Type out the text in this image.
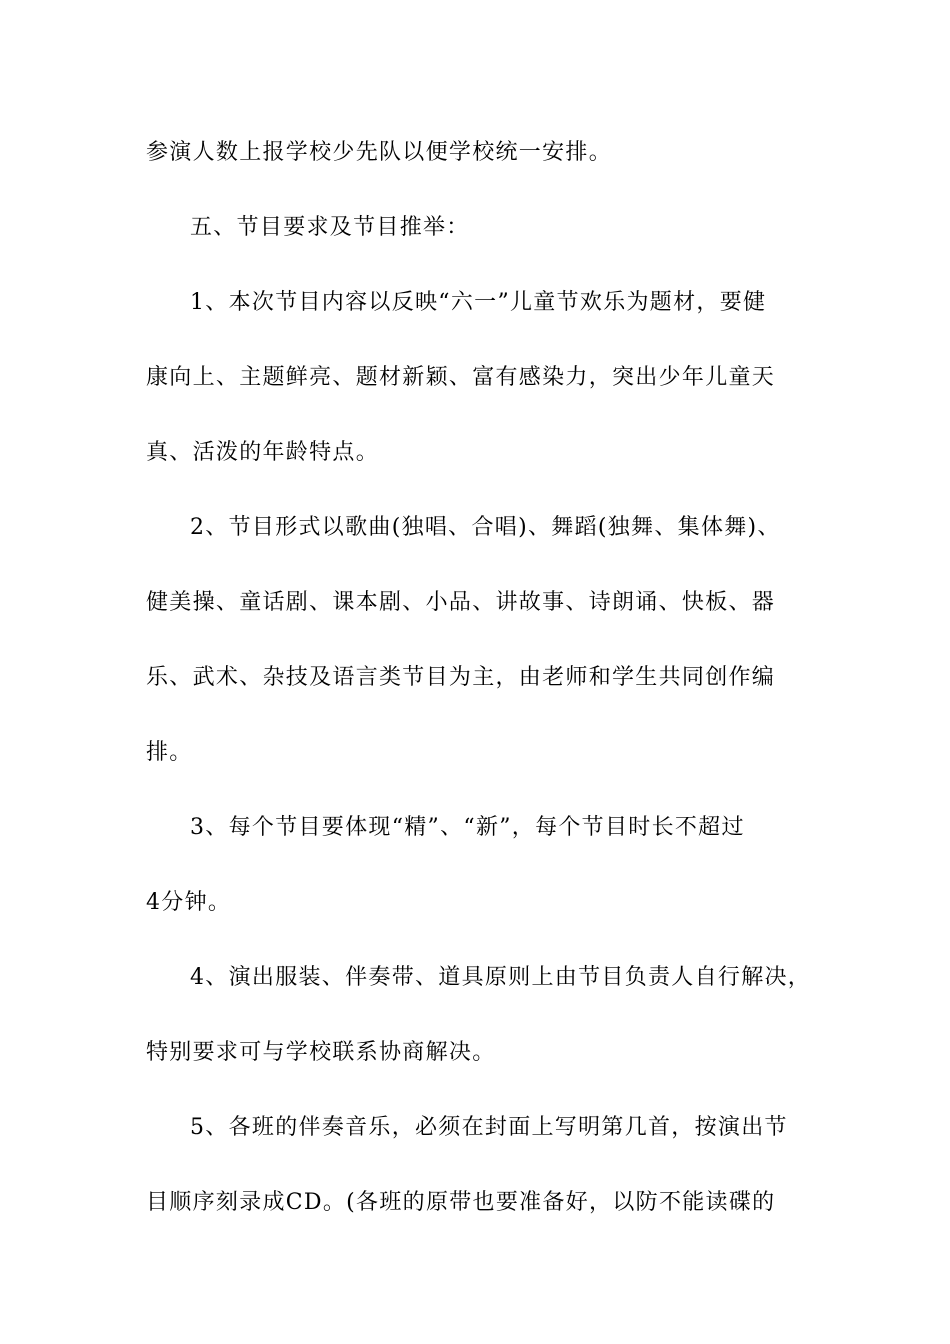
参演人数上报学校少先队以便学校统一安排。
五、节目要求及节目推举：
1、本次节目内容以反映“六一”儿童节欢乐为题材，要健
康向上、主题鲜亮、题材新颖、富有感染力，突出少年儿童天
真、活泼的年龄特点。
2、节目形式以歌曲(独唱、合唱)、舞蹈(独舞、集体舞)、
健美操、童话剧、课本剧、小品、讲故事、诗朗诵、快板、器
乐、武术、杂技及语言类节目为主，由老师和学生共同创作编
排。
3、每个节目要体现“精”、“新”，每个节目时长不超过
4分钟。
4、演出服装、伴奏带、道具原则上由节目负责人自行解决，
特别要求可与学校联系协商解决。
5、各班的伴奏音乐，必须在封面上写明第几首，按演出节
目顺序刻录成CD。(各班的原带也要准备好，以防不能读碟的
